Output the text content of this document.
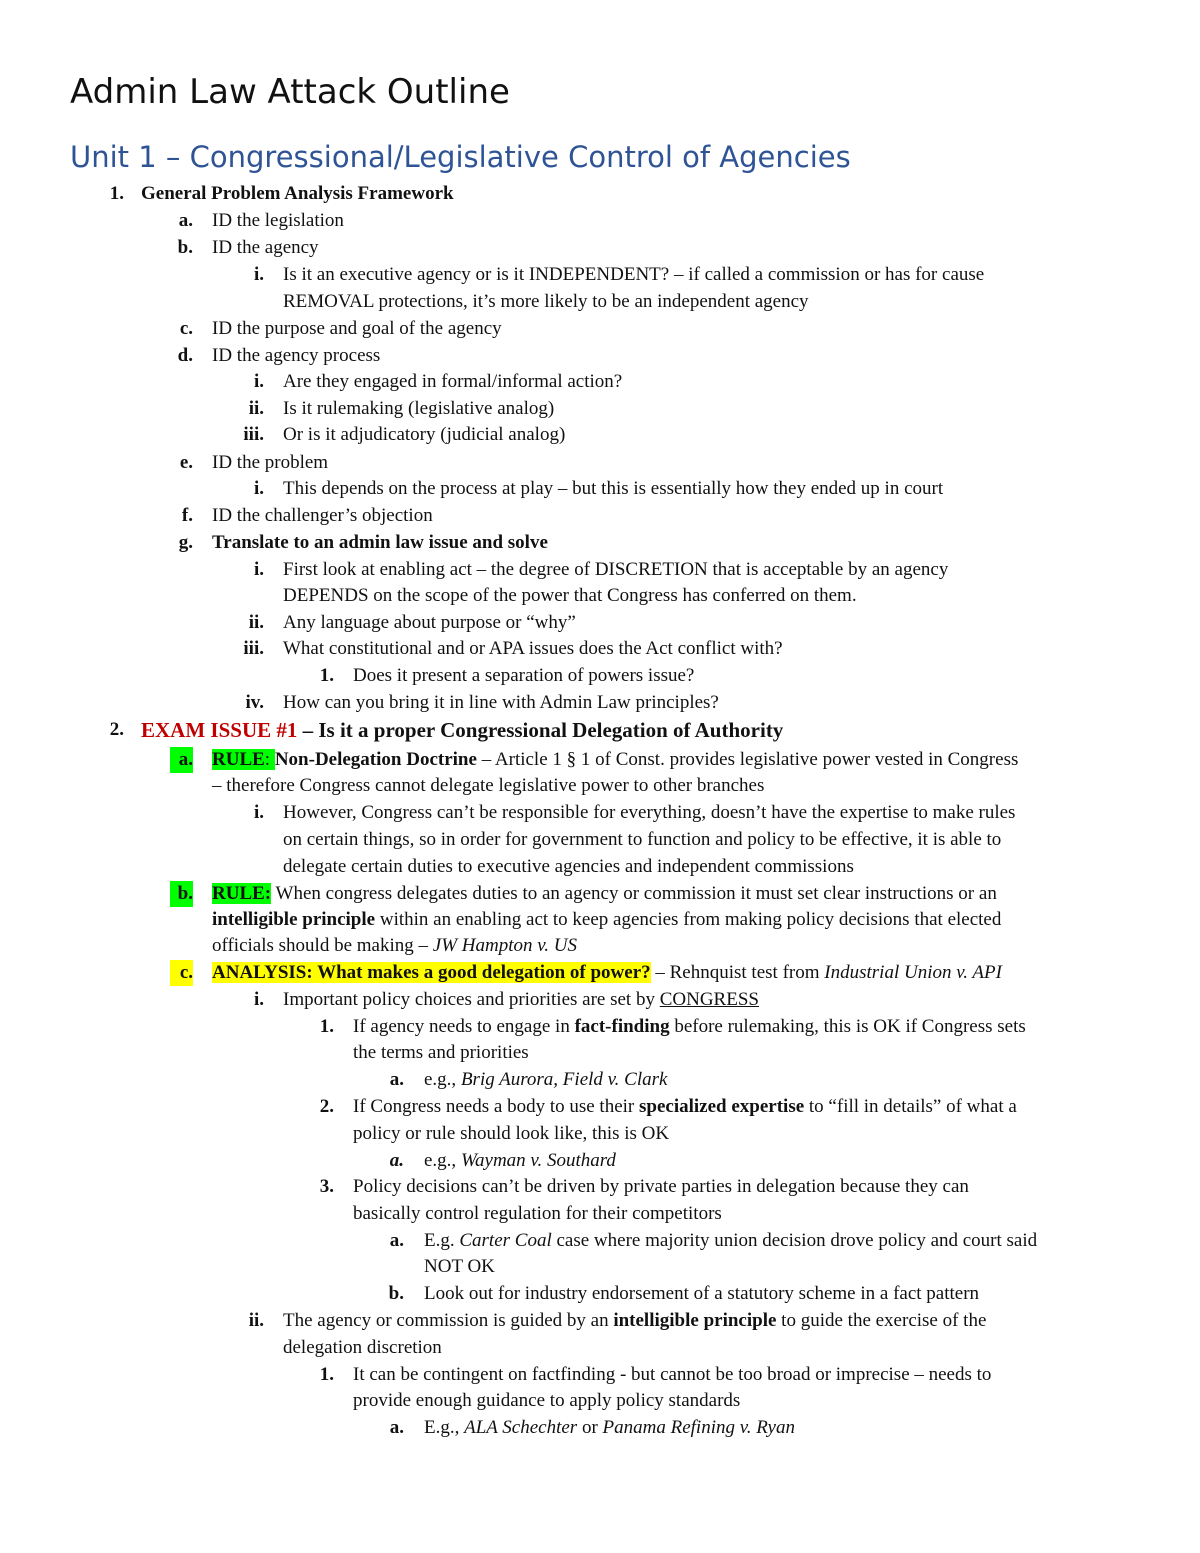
Admin Law Attack Outline
Unit 1 – Congressional/Legislative Control of Agencies
1. General Problem Analysis Framework
a. ID the legislation
b. ID the agency
i. Is it an executive agency or is it INDEPENDENT? – if called a commission or has for cause
REMOVAL protections, it’s more likely to be an independent agency
c. ID the purpose and goal of the agency
d. ID the agency process
i. Are they engaged in formal/informal action?
ii. Is it rulemaking (legislative analog)
iii. Or is it adjudicatory (judicial analog)
e. ID the problem
i. This depends on the process at play – but this is essentially how they ended up in court
f. ID the challenger’s objection
g. Translate to an admin law issue and solve
i. First look at enabling act – the degree of DISCRETION that is acceptable by an agency
DEPENDS on the scope of the power that Congress has conferred on them.
ii. Any language about purpose or “why”
iii. What constitutional and or APA issues does the Act conflict with?
1. Does it present a separation of powers issue?
iv. How can you bring it in line with Admin Law principles?
2. EXAM ISSUE #1 – Is it a proper Congressional Delegation of Authority
a. RULE: Non-Delegation Doctrine – Article 1 § 1 of Const. provides legislative power vested in Congress
– therefore Congress cannot delegate legislative power to other branches
i. However, Congress can’t be responsible for everything, doesn’t have the expertise to make rules
on certain things, so in order for government to function and policy to be effective, it is able to
delegate certain duties to executive agencies and independent commissions
b. RULE: When congress delegates duties to an agency or commission it must set clear instructions or an
intelligible principle within an enabling act to keep agencies from making policy decisions that elected
officials should be making – JW Hampton v. US
c. ANALYSIS: What makes a good delegation of power? – Rehnquist test from Industrial Union v. API
i. Important policy choices and priorities are set by CONGRESS
1. If agency needs to engage in fact-finding before rulemaking, this is OK if Congress sets
the terms and priorities
a. e.g., Brig Aurora, Field v. Clark
2. If Congress needs a body to use their specialized expertise to “fill in details” of what a
policy or rule should look like, this is OK
a. e.g., Wayman v. Southard
3. Policy decisions can’t be driven by private parties in delegation because they can
basically control regulation for their competitors
a. E.g. Carter Coal case where majority union decision drove policy and court said
NOT OK
b. Look out for industry endorsement of a statutory scheme in a fact pattern
ii. The agency or commission is guided by an intelligible principle to guide the exercise of the
delegation discretion
1. It can be contingent on factfinding - but cannot be too broad or imprecise – needs to
provide enough guidance to apply policy standards
a. E.g., ALA Schechter or Panama Refining v. Ryan
